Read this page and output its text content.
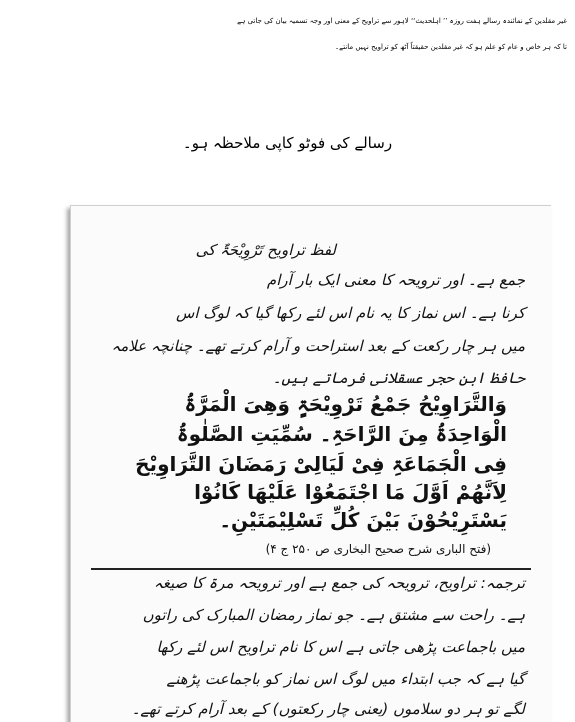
غیر مقلدین کے نمائندہ رسالے ہفت روزہ ’’ اہلحدیث‘‘ لاہور سے تراویح کے معنی اور وجہ تسمیہ بیان کی جاتی ہے
تا کہ ہر خاص و عام کو علم ہو کہ غیر مقلدین حقیقتاً آٹھ کو تراویح نہیں مانتے۔
رسالے کی فوٹو کاپی ملاحظہ ہو۔
لفظ تراویح تَرْوِیْحَۃٌ کی
جمع ہے۔ اور ترویحہ کا معنی ایک بار آرام
کرنا ہے۔ اس نماز کا یہ نام اس لئے رکھا گیا کہ لوگ اس
میں ہر چار رکعت کے بعد استراحت و آرام کرتے تھے۔ چنانچہ علامہ
حافظ ابن حجر عسقلانی فرماتے ہیں۔
وَالتَّرَاوِیْحُ جَمْعُ تَرْوِیْحَۃٍ وَھِیَ الْمَرَّۃُ
الْوَاحِدَۃُ مِنَ الرَّاحَۃِ۔ سُمِّیَتِ الصَّلٰوۃُ
فِی الْجَمَاعَۃِ فِیْ لَیَالِیْ رَمَضَانَ التَّرَاوِیْحَ
لِاَنَّھُمْ اَوَّلَ مَا اجْتَمَعُوْا عَلَیْھَا کَانُوْا
یَسْتَرِیْحُوْنَ بَیْنَ کُلِّ تَسْلِیْمَتَیْنِ۔
(فتح الباری شرح صحیح البخاری ص ۲۵۰ ج ۴)
ترجمہ: تراویح، ترویحہ کی جمع ہے اور ترویحہ مرۃ کا صیغہ
ہے۔ راحت سے مشتق ہے۔ جو نماز رمضان المبارک کی راتوں
میں باجماعت پڑھی جاتی ہے اس کا نام تراویح اس لئے رکھا
گیا ہے کہ جب ابتداء میں لوگ اس نماز کو باجماعت پڑھنے
لگے تو ہر دو سلاموں (یعنی چار رکعتوں) کے بعد آرام کرتے تھے۔
